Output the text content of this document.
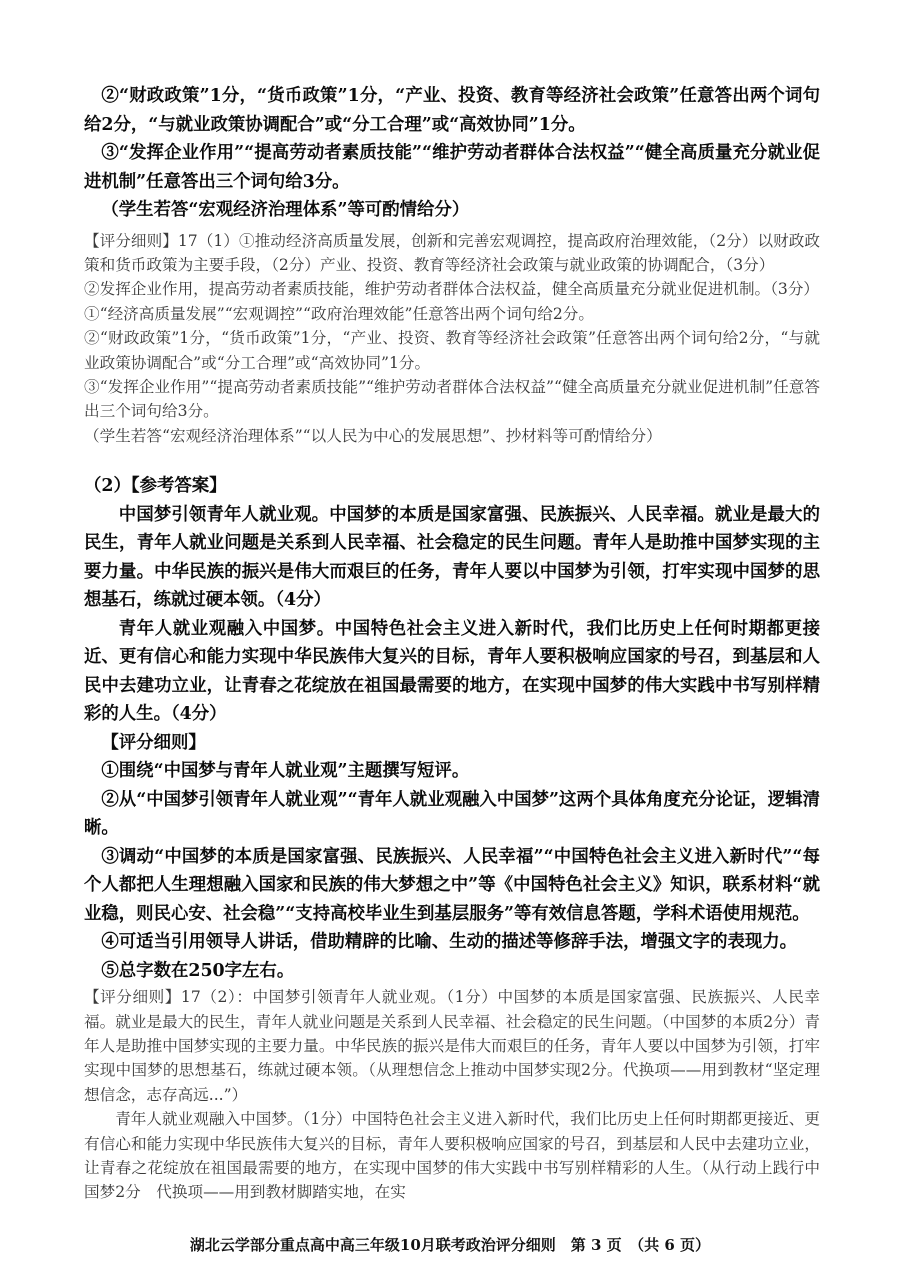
②“财政政策”1分，“货币政策”1分，“产业、投资、教育等经济社会政策”任意答出两个词句给2分，“与就业政策协调配合”或“分工合理”或“高效协同”1分。

③“发挥企业作用”“提高劳动者素质技能”“维护劳动者群体合法权益”“健全高质量充分就业促进机制”任意答出三个词句给3分。

（学生若答“宏观经济治理体系”等可酌情给分）

【评分细则】17（1）①推动经济高质量发展，创新和完善宏观调控，提高政府治理效能，（2分）以财政政策和货币政策为主要手段，（2分）产业、投资、教育等经济社会政策与就业政策的协调配合，（3分）

②发挥企业作用，提高劳动者素质技能，维护劳动者群体合法权益，健全高质量充分就业促进机制。（3分）

①“经济高质量发展”“宏观调控”“政府治理效能”任意答出两个词句给2分。

②“财政政策”1分，“货币政策”1分，“产业、投资、教育等经济社会政策”任意答出两个词句给2分，“与就业政策协调配合”或“分工合理”或“高效协同”1分。

③“发挥企业作用”“提高劳动者素质技能”“维护劳动者群体合法权益”“健全高质量充分就业促进机制”任意答出三个词句给3分。

（学生若答“宏观经济治理体系”“以人民为中心的发展思想”、抄材料等可酌情给分）

（2）【参考答案】

中国梦引领青年人就业观。中国梦的本质是国家富强、民族振兴、人民幸福。就业是最大的民生，青年人就业问题是关系到人民幸福、社会稳定的民生问题。青年人是助推中国梦实现的主要力量。中华民族的振兴是伟大而艰巨的任务，青年人要以中国梦为引领，打牢实现中国梦的思想基石，练就过硬本领。（4分）

青年人就业观融入中国梦。中国特色社会主义进入新时代，我们比历史上任何时期都更接近、更有信心和能力实现中华民族伟大复兴的目标，青年人要积极响应国家的号召，到基层和人民中去建功立业，让青春之花绽放在祖国最需要的地方，在实现中国梦的伟大实践中书写别样精彩的人生。（4分）

【评分细则】

①围绕“中国梦与青年人就业观”主题撰写短评。

②从“中国梦引领青年人就业观”“青年人就业观融入中国梦”这两个具体角度充分论证，逻辑清晰。

③调动“中国梦的本质是国家富强、民族振兴、人民幸福”“中国特色社会主义进入新时代”“每个人都把人生理想融入国家和民族的伟大梦想之中”等《中国特色社会主义》知识，联系材料“就业稳，则民心安、社会稳”“支持高校毕业生到基层服务”等有效信息答题，学科术语使用规范。

④可适当引用领导人讲话，借助精辟的比喻、生动的描述等修辞手法，增强文字的表现力。

⑤总字数在250字左右。

【评分细则】17（2）：中国梦引领青年人就业观。（1分）中国梦的本质是国家富强、民族振兴、人民幸福。就业是最大的民生，青年人就业问题是关系到人民幸福、社会稳定的民生问题。（中国梦的本质2分）青年人是助推中国梦实现的主要力量。中华民族的振兴是伟大而艰巨的任务，青年人要以中国梦为引领，打牢实现中国梦的思想基石，练就过硬本领。（从理想信念上推动中国梦实现2分。代换项——用到教材“坚定理想信念，志存高远...”）

青年人就业观融入中国梦。（1分）中国特色社会主义进入新时代，我们比历史上任何时期都更接近、更有信心和能力实现中华民族伟大复兴的目标，青年人要积极响应国家的号召，到基层和人民中去建功立业，让青春之花绽放在祖国最需要的地方，在实现中国梦的伟大实践中书写别样精彩的人生。（从行动上践行中国梦2分　代换项——用到教材脚踏实地，在实

湖北云学部分重点高中高三年级10月联考政治评分细则　第 3 页　（共 6 页）
